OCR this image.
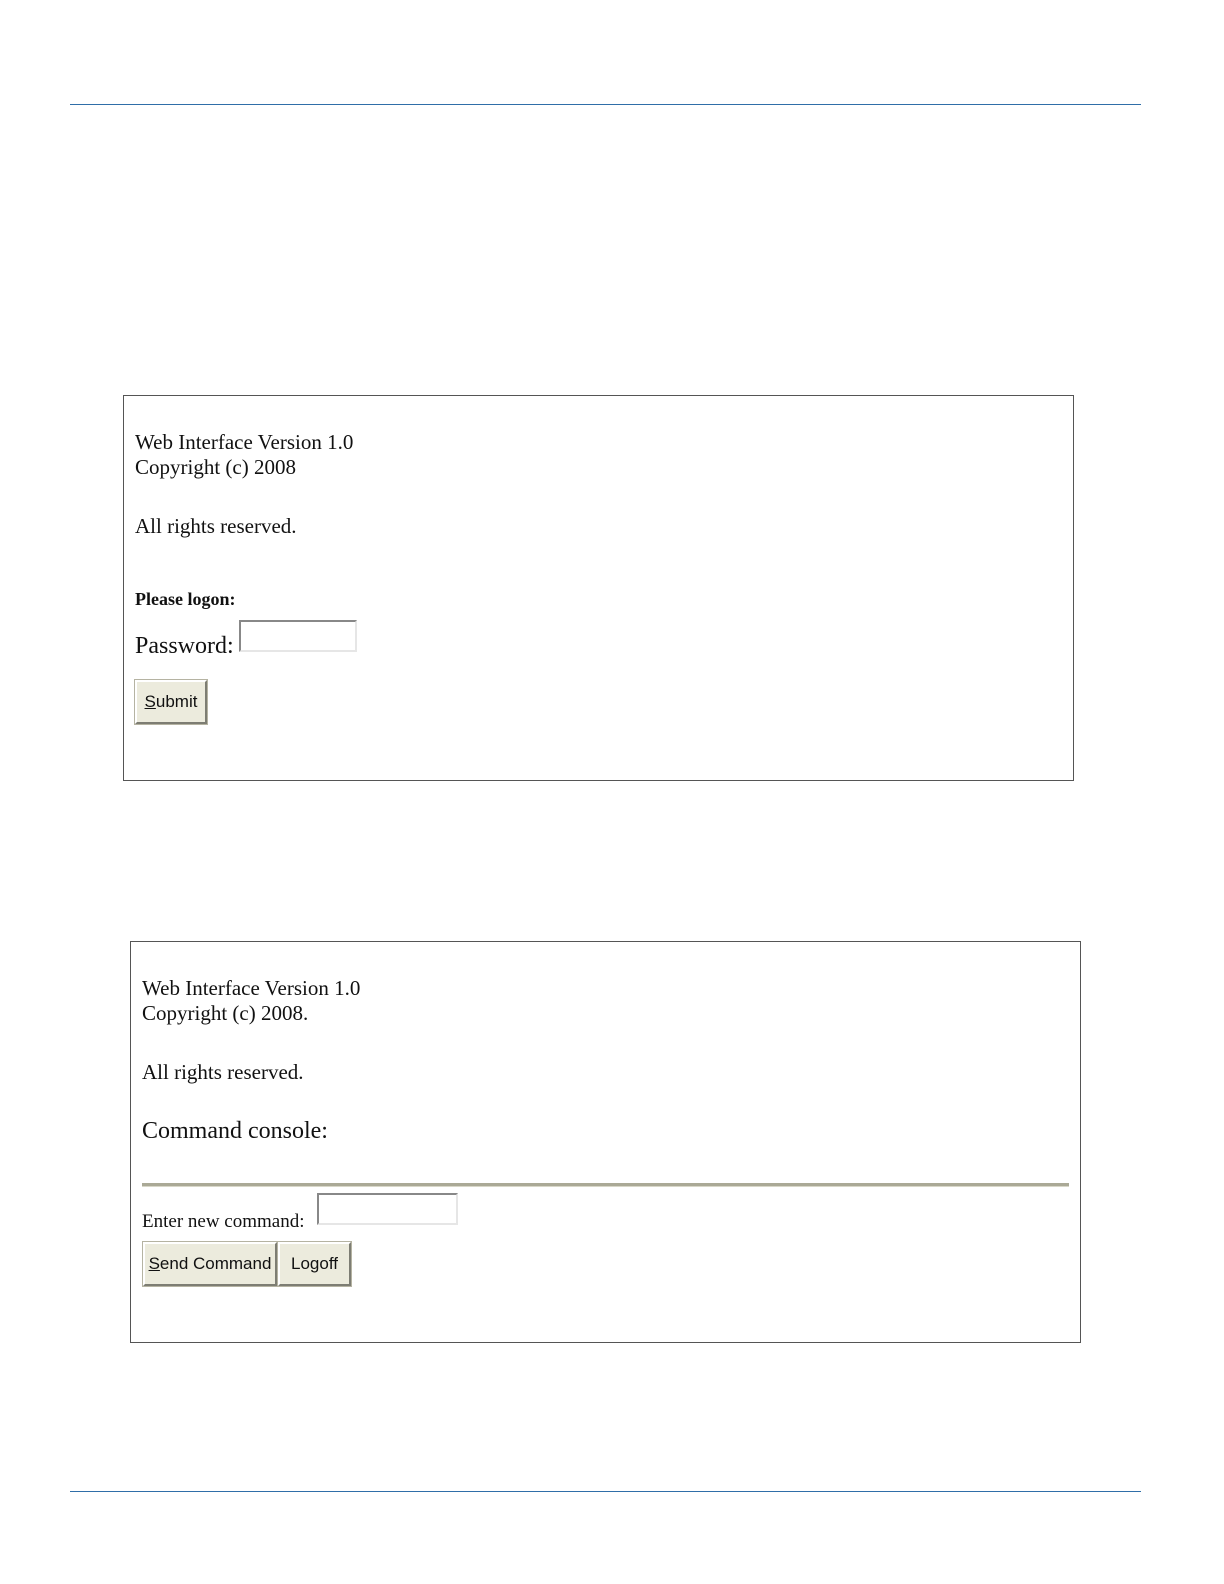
Web Interface Version 1.0
Copyright (c) 2008
All rights reserved.
Please logon:
Password:
Submit
Web Interface Version 1.0
Copyright (c) 2008.
All rights reserved.
Command console:
Enter new command:
Send Command	Logoff
